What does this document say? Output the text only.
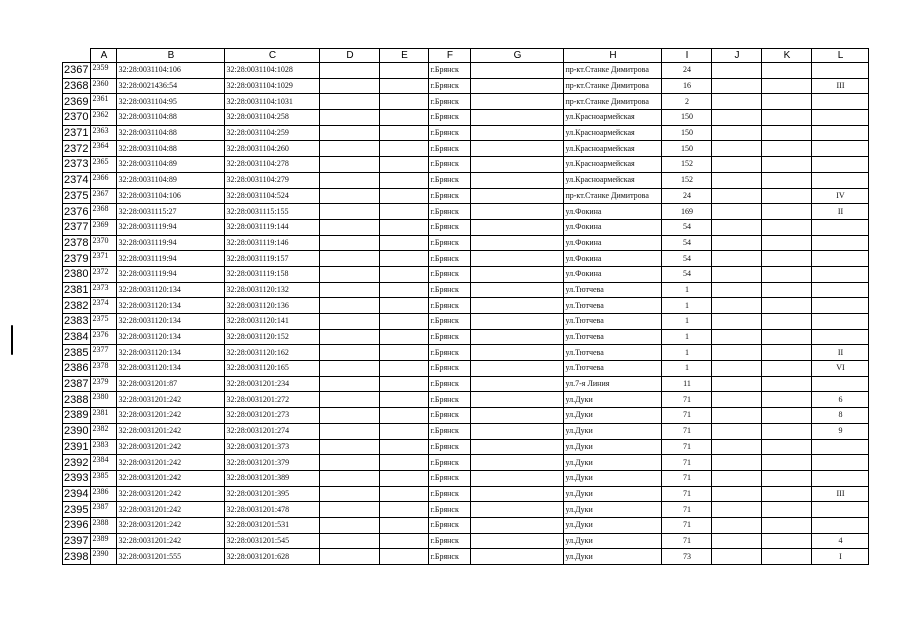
	A	B	C	D	E	F	G	H	I	J	K	L
2367	2359	32:28:0031104:106	32:28:0031104:1028			г.Брянск		пр-кт.Станке Димитрова	24			
2368	2360	32:28:0021436:54	32:28:0031104:1029			г.Брянск		пр-кт.Станке Димитрова	16			III
2369	2361	32:28:0031104:95	32:28:0031104:1031			г.Брянск		пр-кт.Станке Димитрова	2			
2370	2362	32:28:0031104:88	32:28:0031104:258			г.Брянск		ул.Красноармейская	150			
2371	2363	32:28:0031104:88	32:28:0031104:259			г.Брянск		ул.Красноармейская	150			
2372	2364	32:28:0031104:88	32:28:0031104:260			г.Брянск		ул.Красноармейская	150			
2373	2365	32:28:0031104:89	32:28:0031104:278			г.Брянск		ул.Красноармейская	152			
2374	2366	32:28:0031104:89	32:28:0031104:279			г.Брянск		ул.Красноармейская	152			
2375	2367	32:28:0031104:106	32:28:0031104:524			г.Брянск		пр-кт.Станке Димитрова	24			IV
2376	2368	32:28:0031115:27	32:28:0031115:155			г.Брянск		ул.Фокина	169			II
2377	2369	32:28:0031119:94	32:28:0031119:144			г.Брянск		ул.Фокина	54			
2378	2370	32:28:0031119:94	32:28:0031119:146			г.Брянск		ул.Фокина	54			
2379	2371	32:28:0031119:94	32:28:0031119:157			г.Брянск		ул.Фокина	54			
2380	2372	32:28:0031119:94	32:28:0031119:158			г.Брянск		ул.Фокина	54			
2381	2373	32:28:0031120:134	32:28:0031120:132			г.Брянск		ул.Тютчева	1			
2382	2374	32:28:0031120:134	32:28:0031120:136			г.Брянск		ул.Тютчева	1			
2383	2375	32:28:0031120:134	32:28:0031120:141			г.Брянск		ул.Тютчева	1			
2384	2376	32:28:0031120:134	32:28:0031120:152			г.Брянск		ул.Тютчева	1			
2385	2377	32:28:0031120:134	32:28:0031120:162			г.Брянск		ул.Тютчева	1			II
2386	2378	32:28:0031120:134	32:28:0031120:165			г.Брянск		ул.Тютчева	1			VI
2387	2379	32:28:0031201:87	32:28:0031201:234			г.Брянск		ул.7-я Линия	11			
2388	2380	32:28:0031201:242	32:28:0031201:272			г.Брянск		ул.Дуки	71			6
2389	2381	32:28:0031201:242	32:28:0031201:273			г.Брянск		ул.Дуки	71			8
2390	2382	32:28:0031201:242	32:28:0031201:274			г.Брянск		ул.Дуки	71			9
2391	2383	32:28:0031201:242	32:28:0031201:373			г.Брянск		ул.Дуки	71			
2392	2384	32:28:0031201:242	32:28:0031201:379			г.Брянск		ул.Дуки	71			
2393	2385	32:28:0031201:242	32:28:0031201:389			г.Брянск		ул.Дуки	71			
2394	2386	32:28:0031201:242	32:28:0031201:395			г.Брянск		ул.Дуки	71			III
2395	2387	32:28:0031201:242	32:28:0031201:478			г.Брянск		ул.Дуки	71			
2396	2388	32:28:0031201:242	32:28:0031201:531			г.Брянск		ул.Дуки	71			
2397	2389	32:28:0031201:242	32:28:0031201:545			г.Брянск		ул.Дуки	71			4
2398	2390	32:28:0031201:555	32:28:0031201:628			г.Брянск		ул.Дуки	73			I
